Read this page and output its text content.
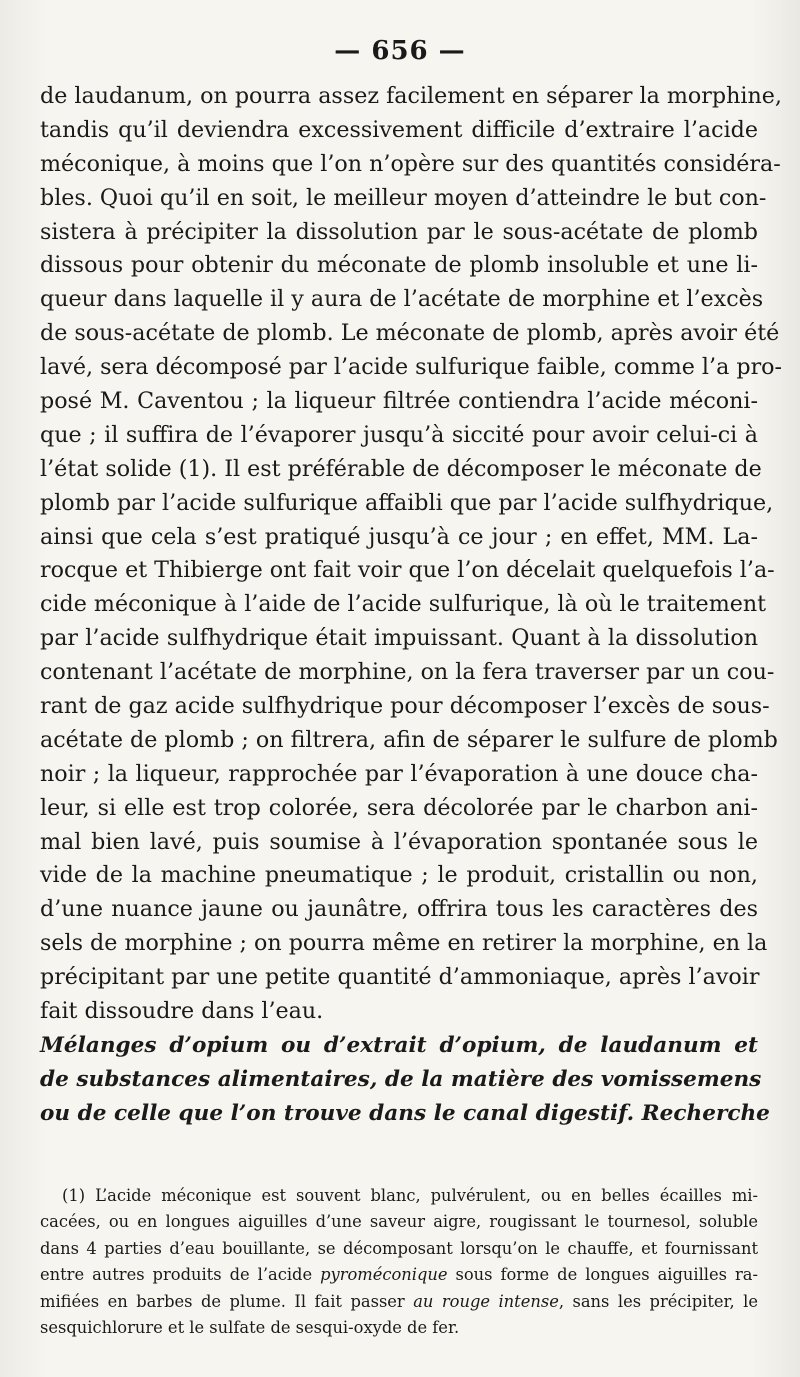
— 656 —
de laudanum, on pourra assez facilement en séparer la morphine,
tandis qu’il deviendra excessivement difficile d’extraire l’acide
méconique, à moins que l’on n’opère sur des quantités considéra-
bles. Quoi qu’il en soit, le meilleur moyen d’atteindre le but con-
sistera à précipiter la dissolution par le sous-acétate de plomb
dissous pour obtenir du méconate de plomb insoluble et une li-
queur dans laquelle il y aura de l’acétate de morphine et l’excès
de sous-acétate de plomb. Le méconate de plomb, après avoir été
lavé, sera décomposé par l’acide sulfurique faible, comme l’a pro-
posé M. Caventou ; la liqueur filtrée contiendra l’acide méconi-
que ; il suffira de l’évaporer jusqu’à siccité pour avoir celui-ci à
l’état solide (1). Il est préférable de décomposer le méconate de
plomb par l’acide sulfurique affaibli que par l’acide sulfhydrique,
ainsi que cela s’est pratiqué jusqu’à ce jour ; en effet, MM. La-
rocque et Thibierge ont fait voir que l’on décelait quelquefois l’a-
cide méconique à l’aide de l’acide sulfurique, là où le traitement
par l’acide sulfhydrique était impuissant. Quant à la dissolution
contenant l’acétate de morphine, on la fera traverser par un cou-
rant de gaz acide sulfhydrique pour décomposer l’excès de sous-
acétate de plomb ; on filtrera, afin de séparer le sulfure de plomb
noir ; la liqueur, rapprochée par l’évaporation à une douce cha-
leur, si elle est trop colorée, sera décolorée par le charbon ani-
mal bien lavé, puis soumise à l’évaporation spontanée sous le
vide de la machine pneumatique ; le produit, cristallin ou non,
d’une nuance jaune ou jaunâtre, offrira tous les caractères des
sels de morphine ; on pourra même en retirer la morphine, en la
précipitant par une petite quantité d’ammoniaque, après l’avoir
fait dissoudre dans l’eau.
Mélanges d’opium ou d’extrait d’opium, de laudanum et
de substances alimentaires, de la matière des vomissemens
ou de celle que l’on trouve dans le canal digestif. Recherche
(1) L’acide méconique est souvent blanc, pulvérulent, ou en belles écailles mi-
cacées, ou en longues aiguilles d’une saveur aigre, rougissant le tournesol, soluble
dans 4 parties d’eau bouillante, se décomposant lorsqu’on le chauffe, et fournissant
entre autres produits de l’acide pyroméconique sous forme de longues aiguilles ra-
mifiées en barbes de plume. Il fait passer au rouge intense, sans les précipiter, le
sesquichlorure et le sulfate de sesqui-oxyde de fer.
